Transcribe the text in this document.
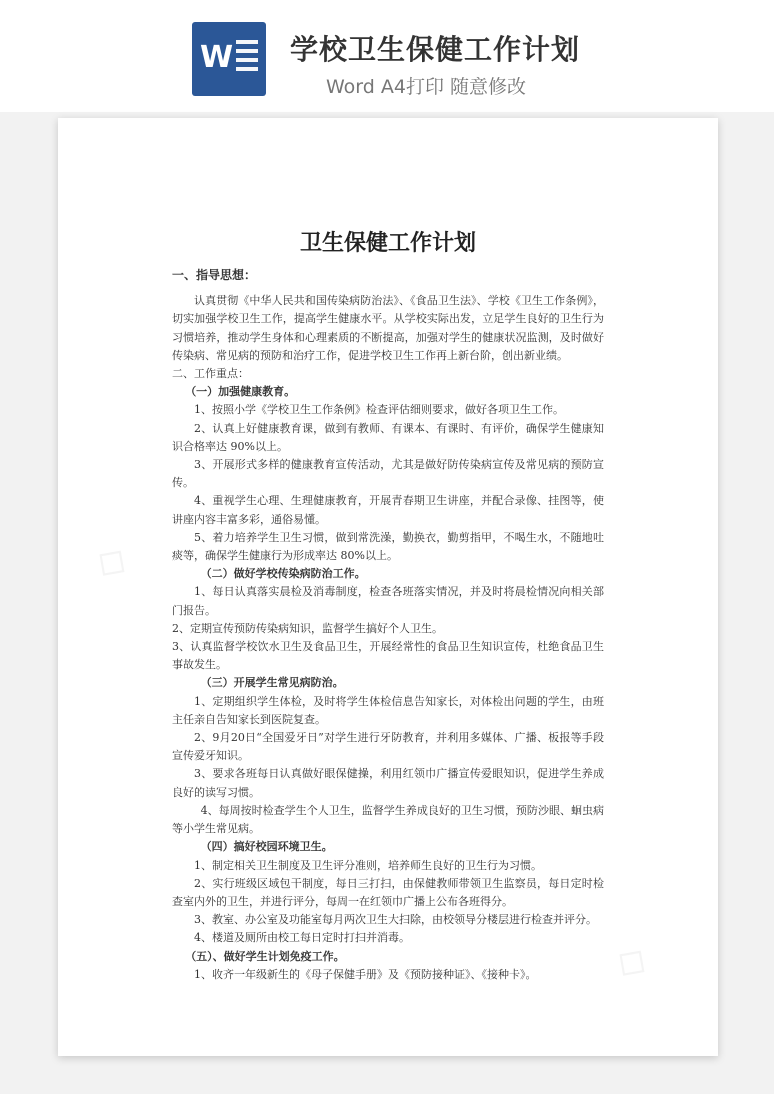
W 学校卫生保健工作计划
Word A4打印 随意修改
◇
◇
卫生保健工作计划

一、指导思想：

认真贯彻《中华人民共和国传染病防治法》、《食品卫生法》、学校《卫生工作条例》，切实加强学校卫生工作，提高学生健康水平。从学校实际出发，立足学生良好的卫生行为习惯培养，推动学生身体和心理素质的不断提高，加强对学生的健康状况监测，及时做好传染病、常见病的预防和治疗工作，促进学校卫生工作再上新台阶，创出新业绩。

二、工作重点：

（一）加强健康教育。

1、按照小学《学校卫生工作条例》检查评估细则要求，做好各项卫生工作。

2、认真上好健康教育课，做到有教师、有课本、有课时、有评价，确保学生健康知识合格率达 90%以上。

3、开展形式多样的健康教育宣传活动，尤其是做好防传染病宣传及常见病的预防宣传。

4、重视学生心理、生理健康教育，开展青春期卫生讲座，并配合录像、挂图等，使讲座内容丰富多彩，通俗易懂。

5、着力培养学生卫生习惯，做到常洗澡，勤换衣，勤剪指甲，不喝生水，不随地吐痰等，确保学生健康行为形成率达 80%以上。

（二）做好学校传染病防治工作。

1、每日认真落实晨检及消毒制度，检查各班落实情况，并及时将晨检情况向相关部门报告。

2、定期宣传预防传染病知识，监督学生搞好个人卫生。

3、认真监督学校饮水卫生及食品卫生，开展经常性的食品卫生知识宣传，杜绝食品卫生事故发生。

（三）开展学生常见病防治。

1、定期组织学生体检，及时将学生体检信息告知家长，对体检出问题的学生，由班主任亲自告知家长到医院复查。

2、9月20日“全国爱牙日”对学生进行牙防教育，并利用多媒体、广播、板报等手段宣传爱牙知识。

3、要求各班每日认真做好眼保健操，利用红领巾广播宣传爱眼知识，促进学生养成良好的读写习惯。

4、每周按时检查学生个人卫生，监督学生养成良好的卫生习惯，预防沙眼、蛔虫病等小学生常见病。

（四）搞好校园环境卫生。

1、制定相关卫生制度及卫生评分准则，培养师生良好的卫生行为习惯。

2、实行班级区域包干制度，每日三打扫，由保健教师带领卫生监察员，每日定时检查室内外的卫生，并进行评分，每周一在红领巾广播上公布各班得分。

3、教室、办公室及功能室每月两次卫生大扫除，由校领导分楼层进行检查并评分。

4、楼道及厕所由校工每日定时打扫并消毒。

（五）、做好学生计划免疫工作。

1、收齐一年级新生的《母子保健手册》及《预防接种证》、《接种卡》。
